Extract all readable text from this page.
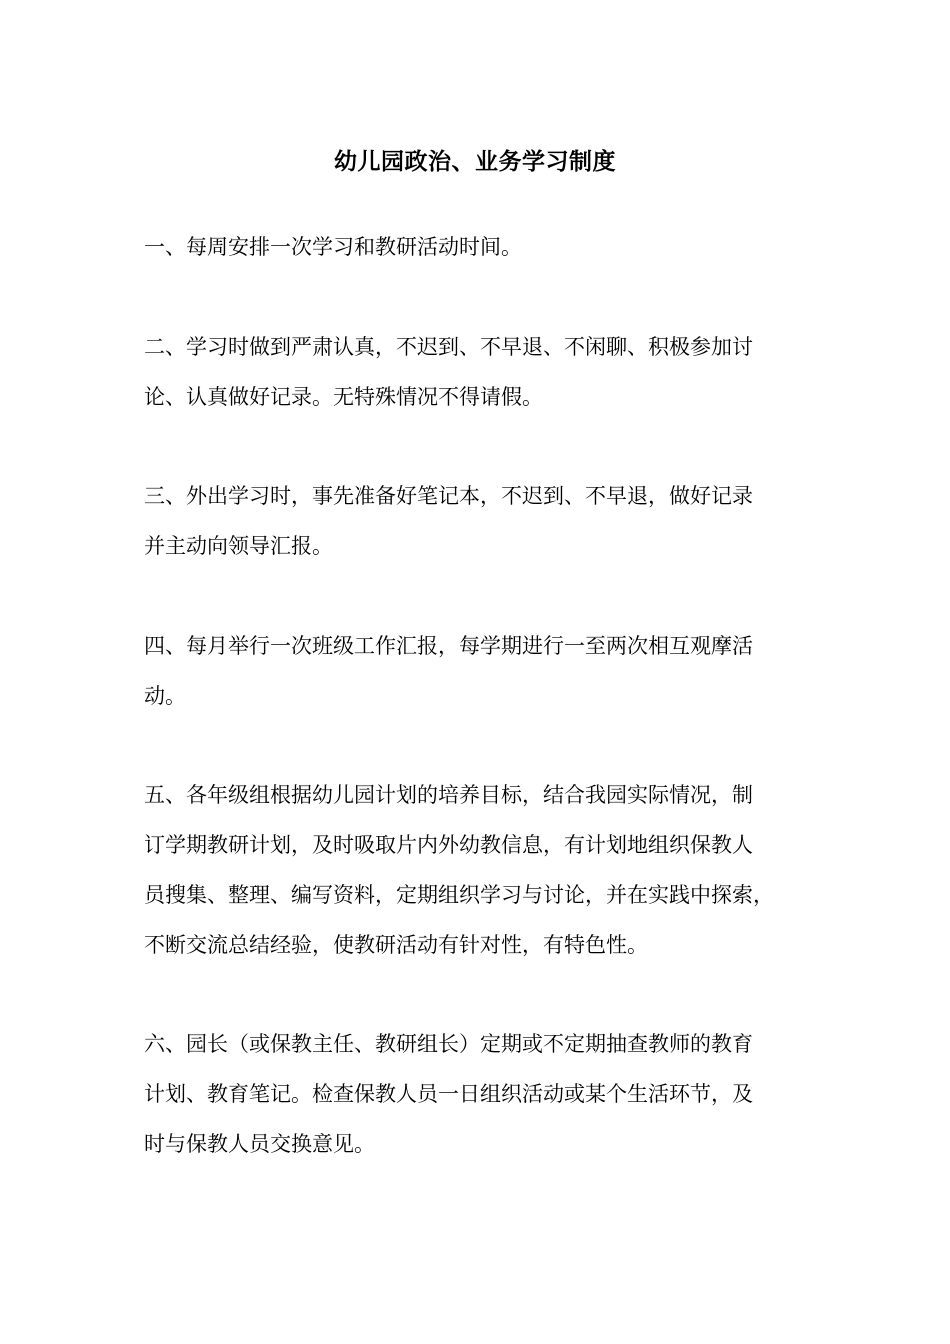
幼儿园政治、业务学习制度
一、每周安排一次学习和教研活动时间。
二、学习时做到严肃认真，不迟到、不早退、不闲聊、积极参加讨
论、认真做好记录。无特殊情况不得请假。
三、外出学习时，事先准备好笔记本，不迟到、不早退，做好记录
并主动向领导汇报。
四、每月举行一次班级工作汇报，每学期进行一至两次相互观摩活
动。
五、各年级组根据幼儿园计划的培养目标，结合我园实际情况，制
订学期教研计划，及时吸取片内外幼教信息，有计划地组织保教人
员搜集、整理、编写资料，定期组织学习与讨论，并在实践中探索，
不断交流总结经验，使教研活动有针对性，有特色性。
六、园长（或保教主任、教研组长）定期或不定期抽查教师的教育
计划、教育笔记。检查保教人员一日组织活动或某个生活环节，及
时与保教人员交换意见。
